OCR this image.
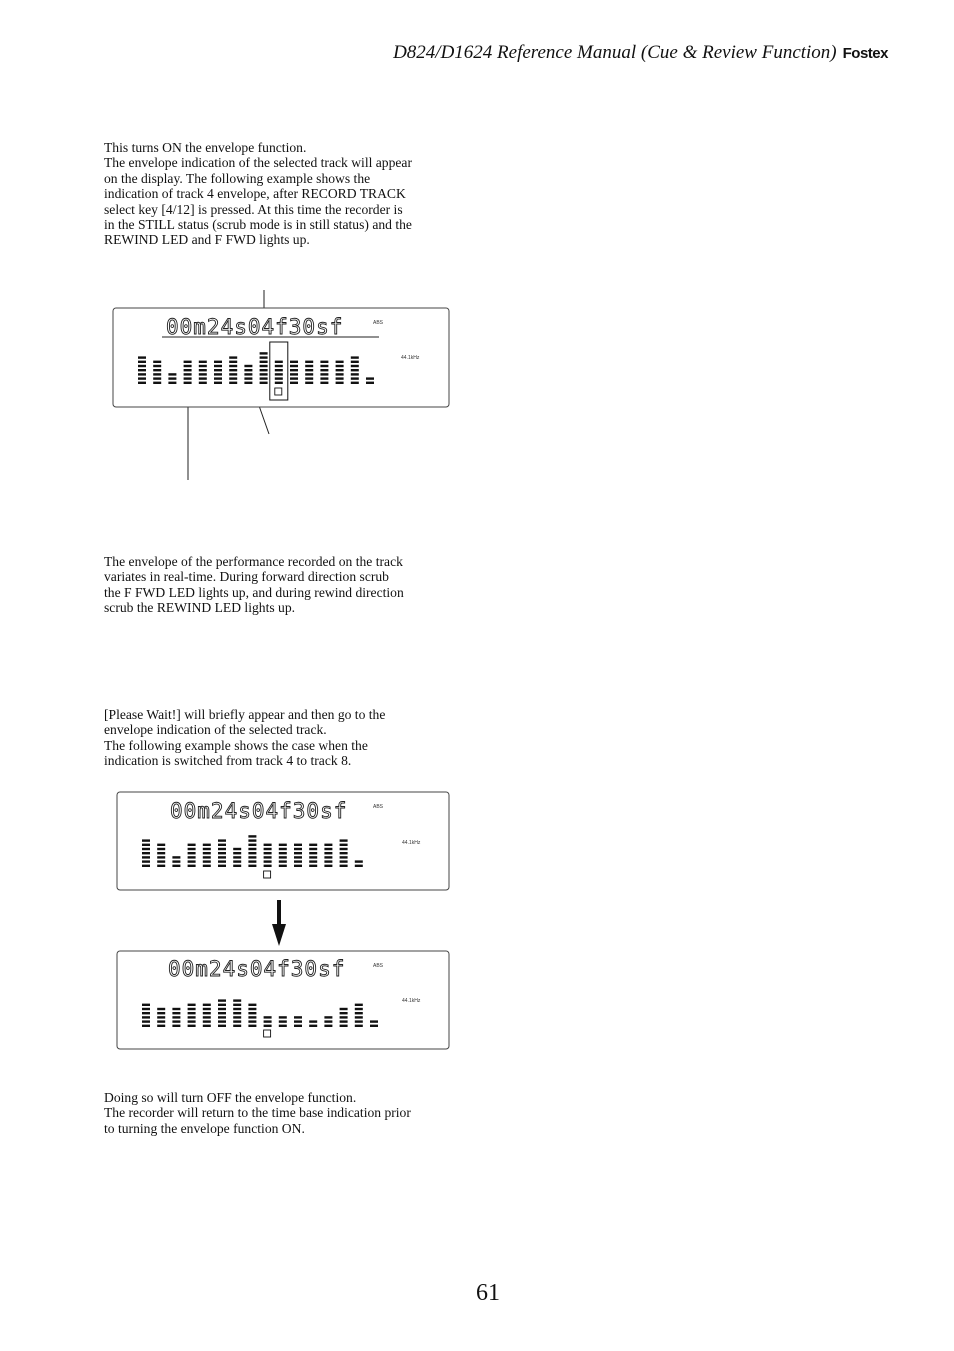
D824/D1624 Reference Manual (Cue & Review Function) Fostex

This turns ON the envelope function.

The envelope indication of the selected track will appear

on the display. The following example shows the

indication of track 4 envelope, after RECORD TRACK

select key [4/12] is pressed. At this time the recorder is

in the STILL status (scrub mode is in still status) and the

REWIND LED and F FWD lights up.

The envelope of the performance recorded on the track

variates in real-time. During forward direction scrub

the F FWD LED lights up, and during rewind direction

scrub the REWIND LED lights up.

[Please Wait!] will briefly appear and then go to the

envelope indication of the selected track.

The following example shows the case when the

indication is switched from track 4 to track 8.

Doing so will turn OFF the envelope function.

The recorder will return to the time base indication prior

to turning the envelope function ON.

00m24s04f30sf	ABS
44.1kHz
00m24s04f30sf	ABS
44.1kHz
00m24s04f30sf	ABS
44.1kHz
61
